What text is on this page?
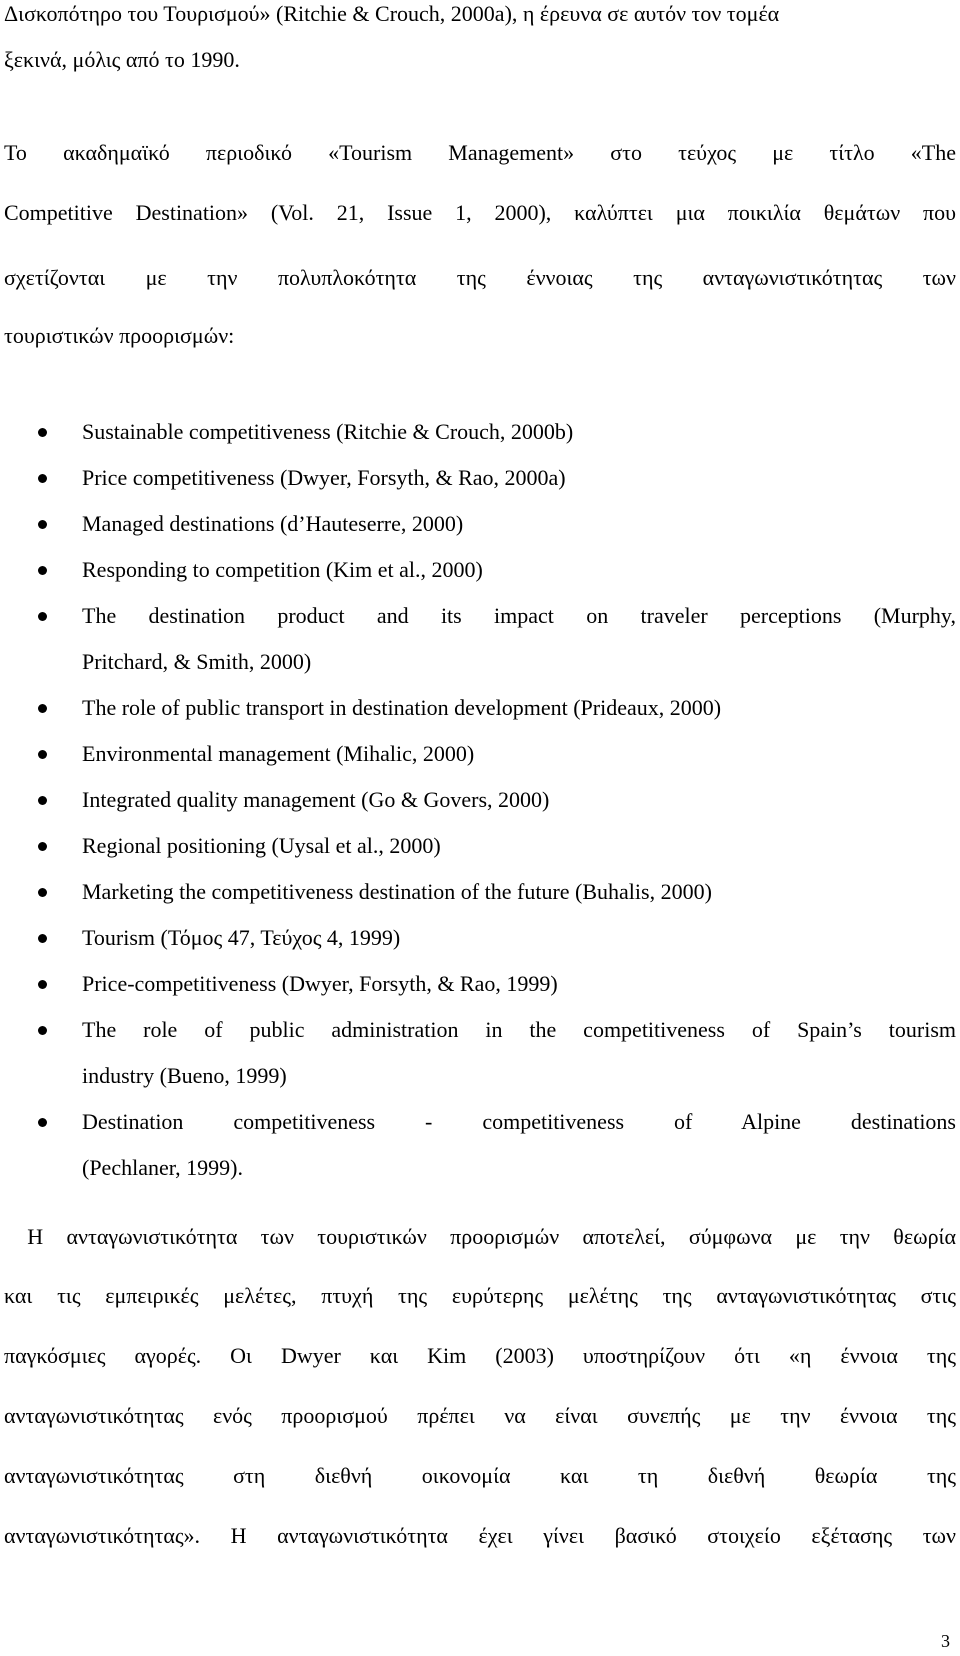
Δισκοπότηρο του Τουρισμού» (Ritchie & Crouch, 2000a), η έρευνα σε αυτόν τον τομέα
ξεκινά, μόλις από το 1990.
Το ακαδημαϊκό περιοδικό «Tourism Management» στο τεύχος με τίτλο «The
Competitive Destination» (Vol. 21, Issue 1, 2000), καλύπτει μια ποικιλία θεμάτων που
σχετίζονται με την πολυπλοκότητα της έννοιας της ανταγωνιστικότητας των
τουριστικών προορισμών:
Sustainable competitiveness (Ritchie & Crouch, 2000b)
Price competitiveness (Dwyer, Forsyth, & Rao, 2000a)
Managed destinations (d’Hauteserre, 2000)
Responding to competition (Kim et al., 2000)
The destination product and its impact on traveler perceptions (Murphy,
Pritchard, & Smith, 2000)
The role of public transport in destination development (Prideaux, 2000)
Environmental management (Mihalic, 2000)
Integrated quality management (Go & Govers, 2000)
Regional positioning (Uysal et al., 2000)
Marketing the competitiveness destination of the future (Buhalis, 2000)
Tourism (Τόμος 47, Τεύχος 4, 1999)
Price-competitiveness (Dwyer, Forsyth, & Rao, 1999)
The role of public administration in the competitiveness of Spain’s tourism
industry (Bueno, 1999)
Destination competitiveness - competitiveness of Alpine destinations
(Pechlaner, 1999).
Η ανταγωνιστικότητα των τουριστικών προορισμών αποτελεί, σύμφωνα με την θεωρία
και τις εμπειρικές μελέτες, πτυχή της ευρύτερης μελέτης της ανταγωνιστικότητας στις
παγκόσμιες αγορές. Οι Dwyer και Kim (2003) υποστηρίζουν ότι «η έννοια της
ανταγωνιστικότητας ενός προορισμού πρέπει να είναι συνεπής με την έννοια της
ανταγωνιστικότητας στη διεθνή οικονομία και τη διεθνή θεωρία της
ανταγωνιστικότητας». Η ανταγωνιστικότητα έχει γίνει βασικό στοιχείο εξέτασης των
3
